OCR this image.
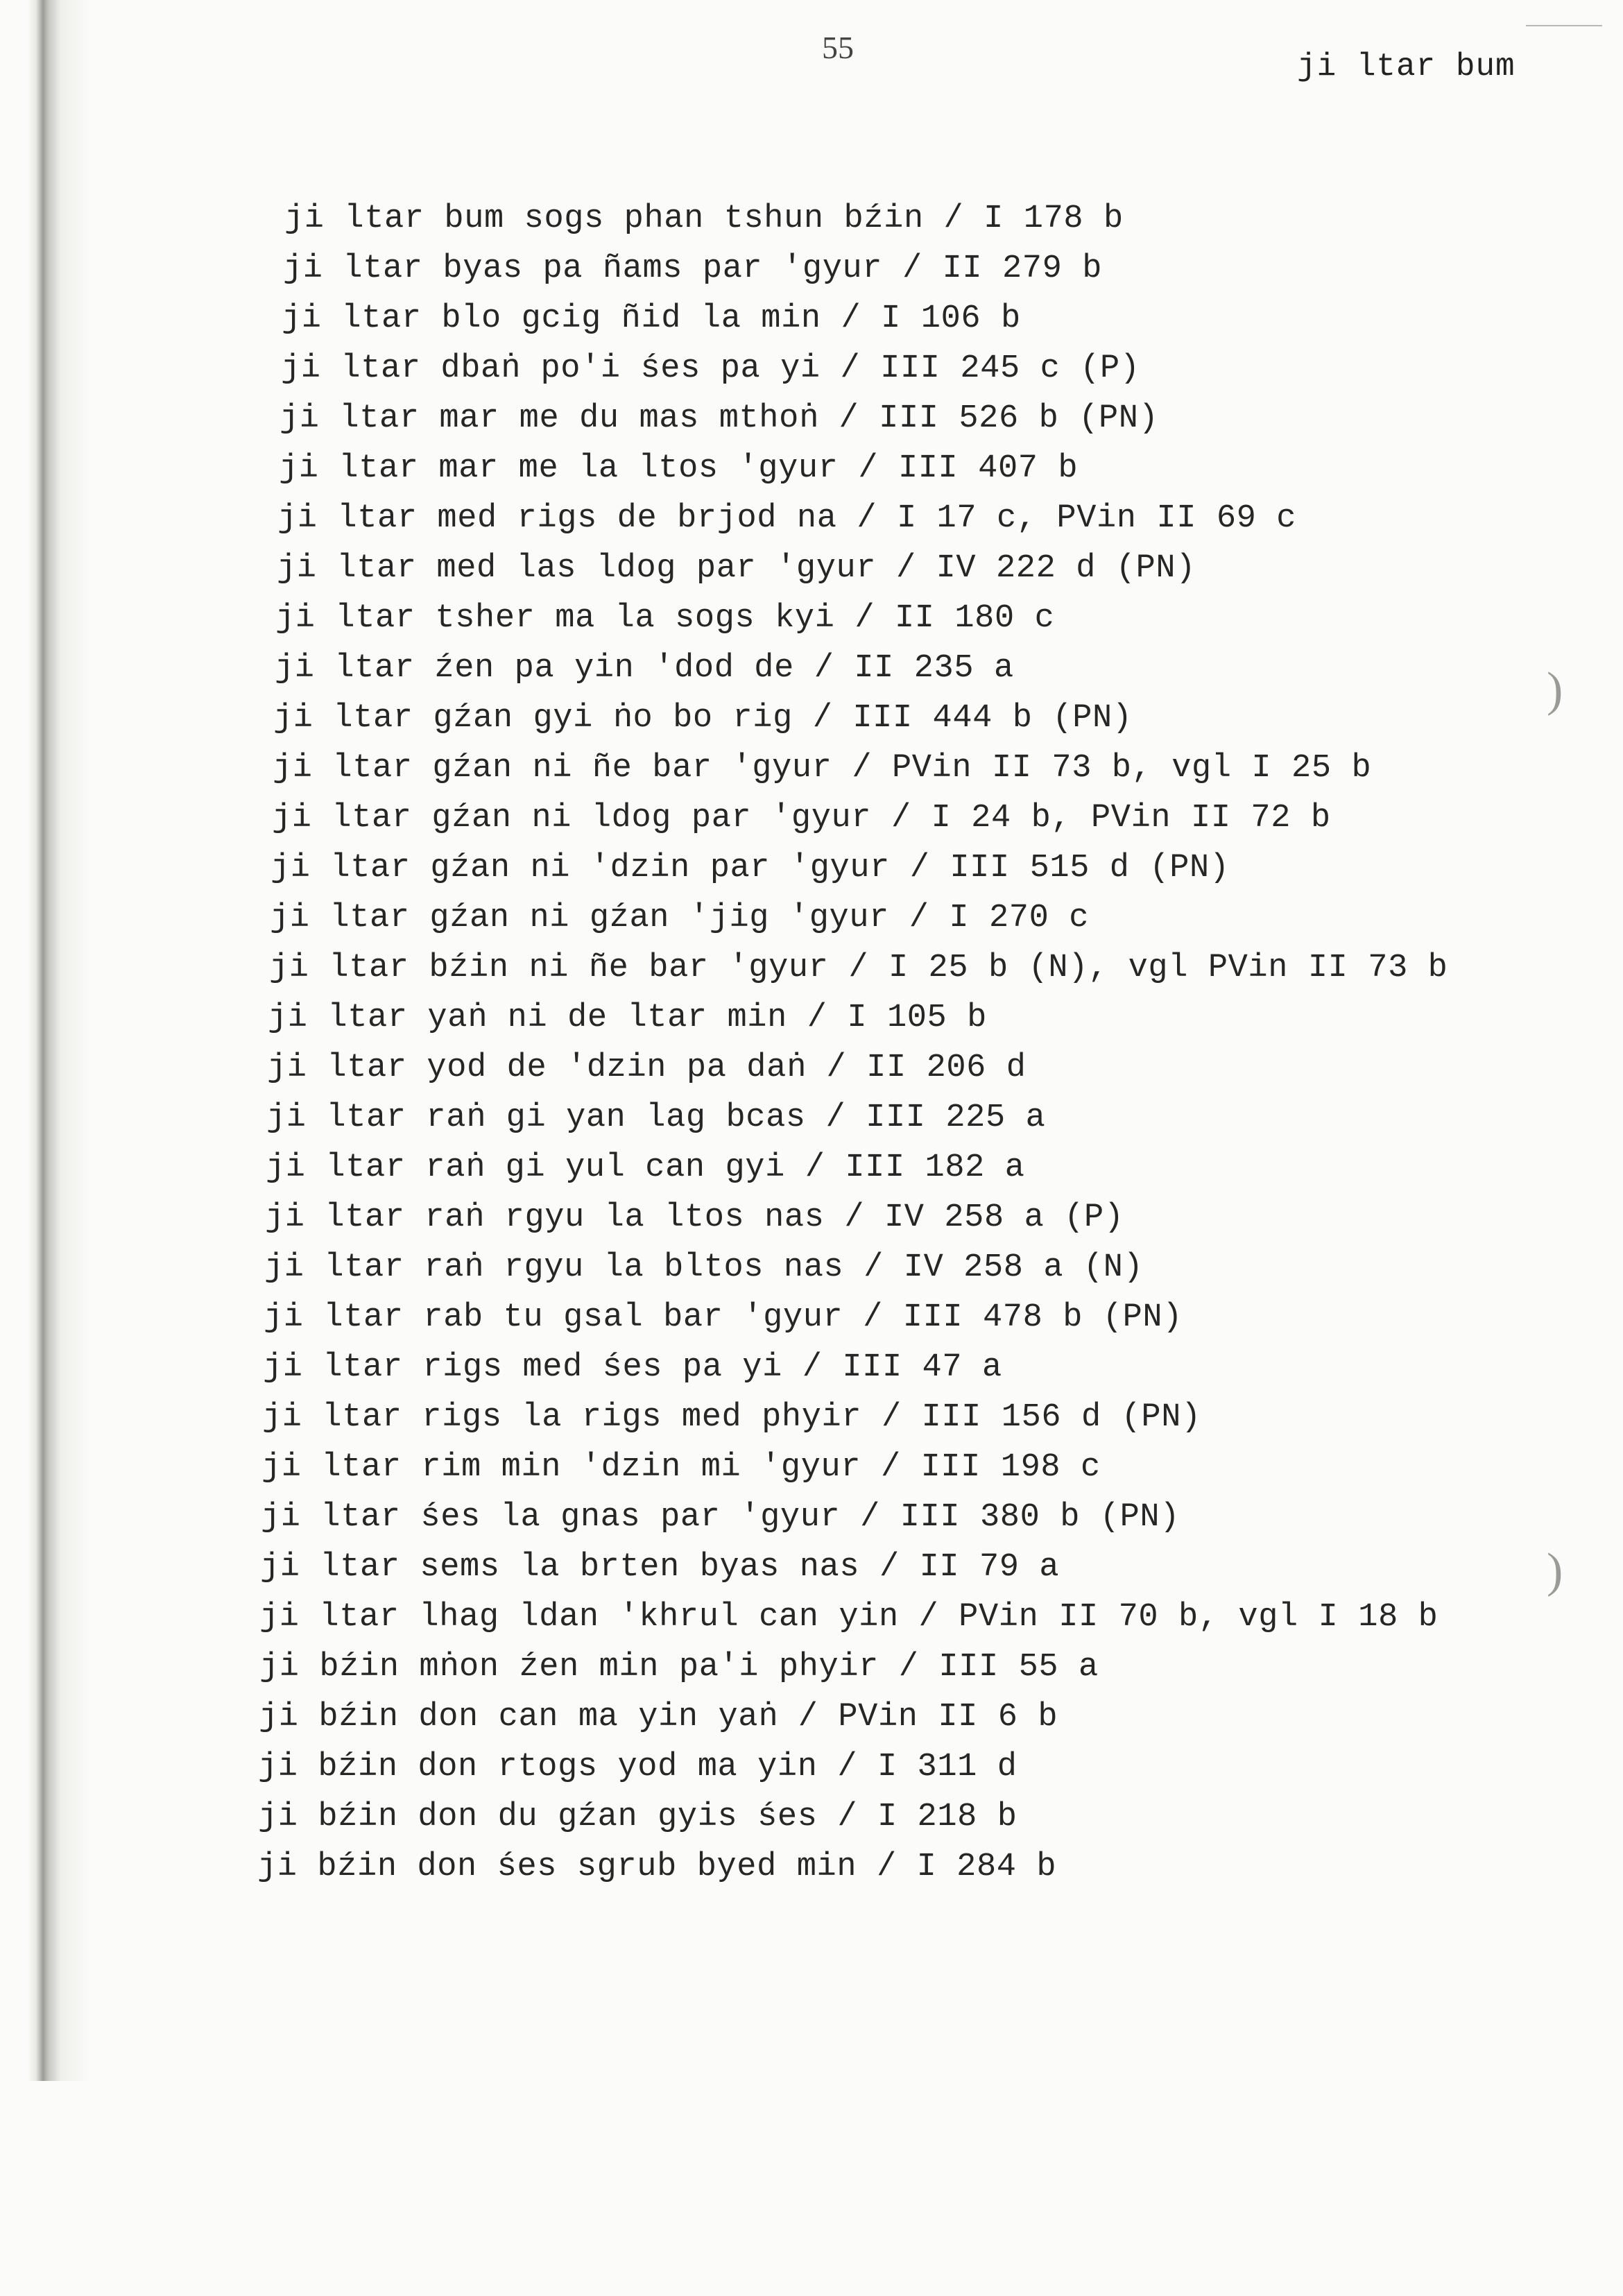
55
ji ltar bum
ji ltar bum sogs phan tshun bźin / I 178 b
ji ltar byas pa ñams par 'gyur / II 279 b
ji ltar blo gcig ñid la min / I 106 b
ji ltar dbaṅ po'i śes pa yi / III 245 c (P)
ji ltar mar me du mas mthoṅ / III 526 b (PN)
ji ltar mar me la ltos 'gyur / III 407 b
ji ltar med rigs de brjod na / I 17 c, PVin II 69 c
ji ltar med las ldog par 'gyur / IV 222 d (PN)
ji ltar tsher ma la sogs kyi / II 180 c
ji ltar źen pa yin 'dod de / II 235 a
ji ltar gźan gyi ṅo bo rig / III 444 b (PN)
ji ltar gźan ni ñe bar 'gyur / PVin II 73 b, vgl I 25 b
ji ltar gźan ni ldog par 'gyur / I 24 b, PVin II 72 b
ji ltar gźan ni 'dzin par 'gyur / III 515 d (PN)
ji ltar gźan ni gźan 'jig 'gyur / I 270 c
ji ltar bźin ni ñe bar 'gyur / I 25 b (N), vgl PVin II 73 b
ji ltar yaṅ ni de ltar min / I 105 b
ji ltar yod de 'dzin pa daṅ / II 206 d
ji ltar raṅ gi yan lag bcas / III 225 a
ji ltar raṅ gi yul can gyi / III 182 a
ji ltar raṅ rgyu la ltos nas / IV 258 a (P)
ji ltar raṅ rgyu la bltos nas / IV 258 a (N)
ji ltar rab tu gsal bar 'gyur / III 478 b (PN)
ji ltar rigs med śes pa yi / III 47 a
ji ltar rigs la rigs med phyir / III 156 d (PN)
ji ltar rim min 'dzin mi 'gyur / III 198 c
ji ltar śes la gnas par 'gyur / III 380 b (PN)
ji ltar sems la brten byas nas / II 79 a
ji ltar lhag ldan 'khrul can yin / PVin II 70 b, vgl I 18 b
ji bźin mṅon źen min pa'i phyir / III 55 a
ji bźin don can ma yin yaṅ / PVin II 6 b
ji bźin don rtogs yod ma yin / I 311 d
ji bźin don du gźan gyis śes / I 218 b
ji bźin don śes sgrub byed min / I 284 b
)
)
